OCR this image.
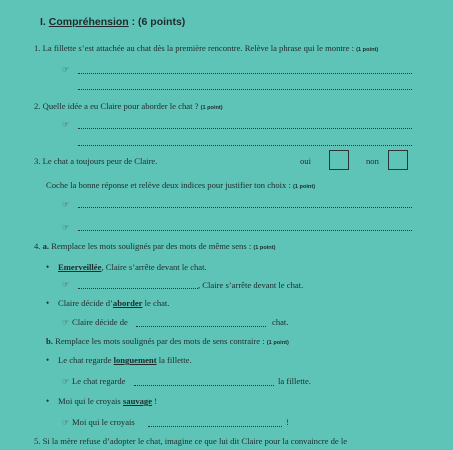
I. Compréhension : (6 points)
1. La fillette s’est attachée au chat dès la première rencontre. Relève la phrase qui le montre : (1 point)
☞
2. Quelle idée a eu Claire pour aborder le chat ? (1 point)
☞
3. Le chat a toujours peur de Claire.	oui	non
Coche la bonne réponse et relève deux indices pour justifier ton choix : (1 point)
☞
☞
4. a. Remplace les mots soulignés par des mots de même sens : (1 point)
• Emerveillée, Claire s’arrête devant le chat.
☞	, Claire s’arrête devant le chat.
• Claire décide d’aborder le chat.
☞ Claire décide de	chat.
b. Remplace les mots soulignés par des mots de sens contraire : (1 point)
• Le chat regarde longuement la fillette.
☞ Le chat regarde	la fillette.
• Moi qui le croyais sauvage !
☞ Moi qui le croyais	!
5. Si la mère refuse d’adopter le chat, imagine ce que lui dit Claire pour la convaincre de le
